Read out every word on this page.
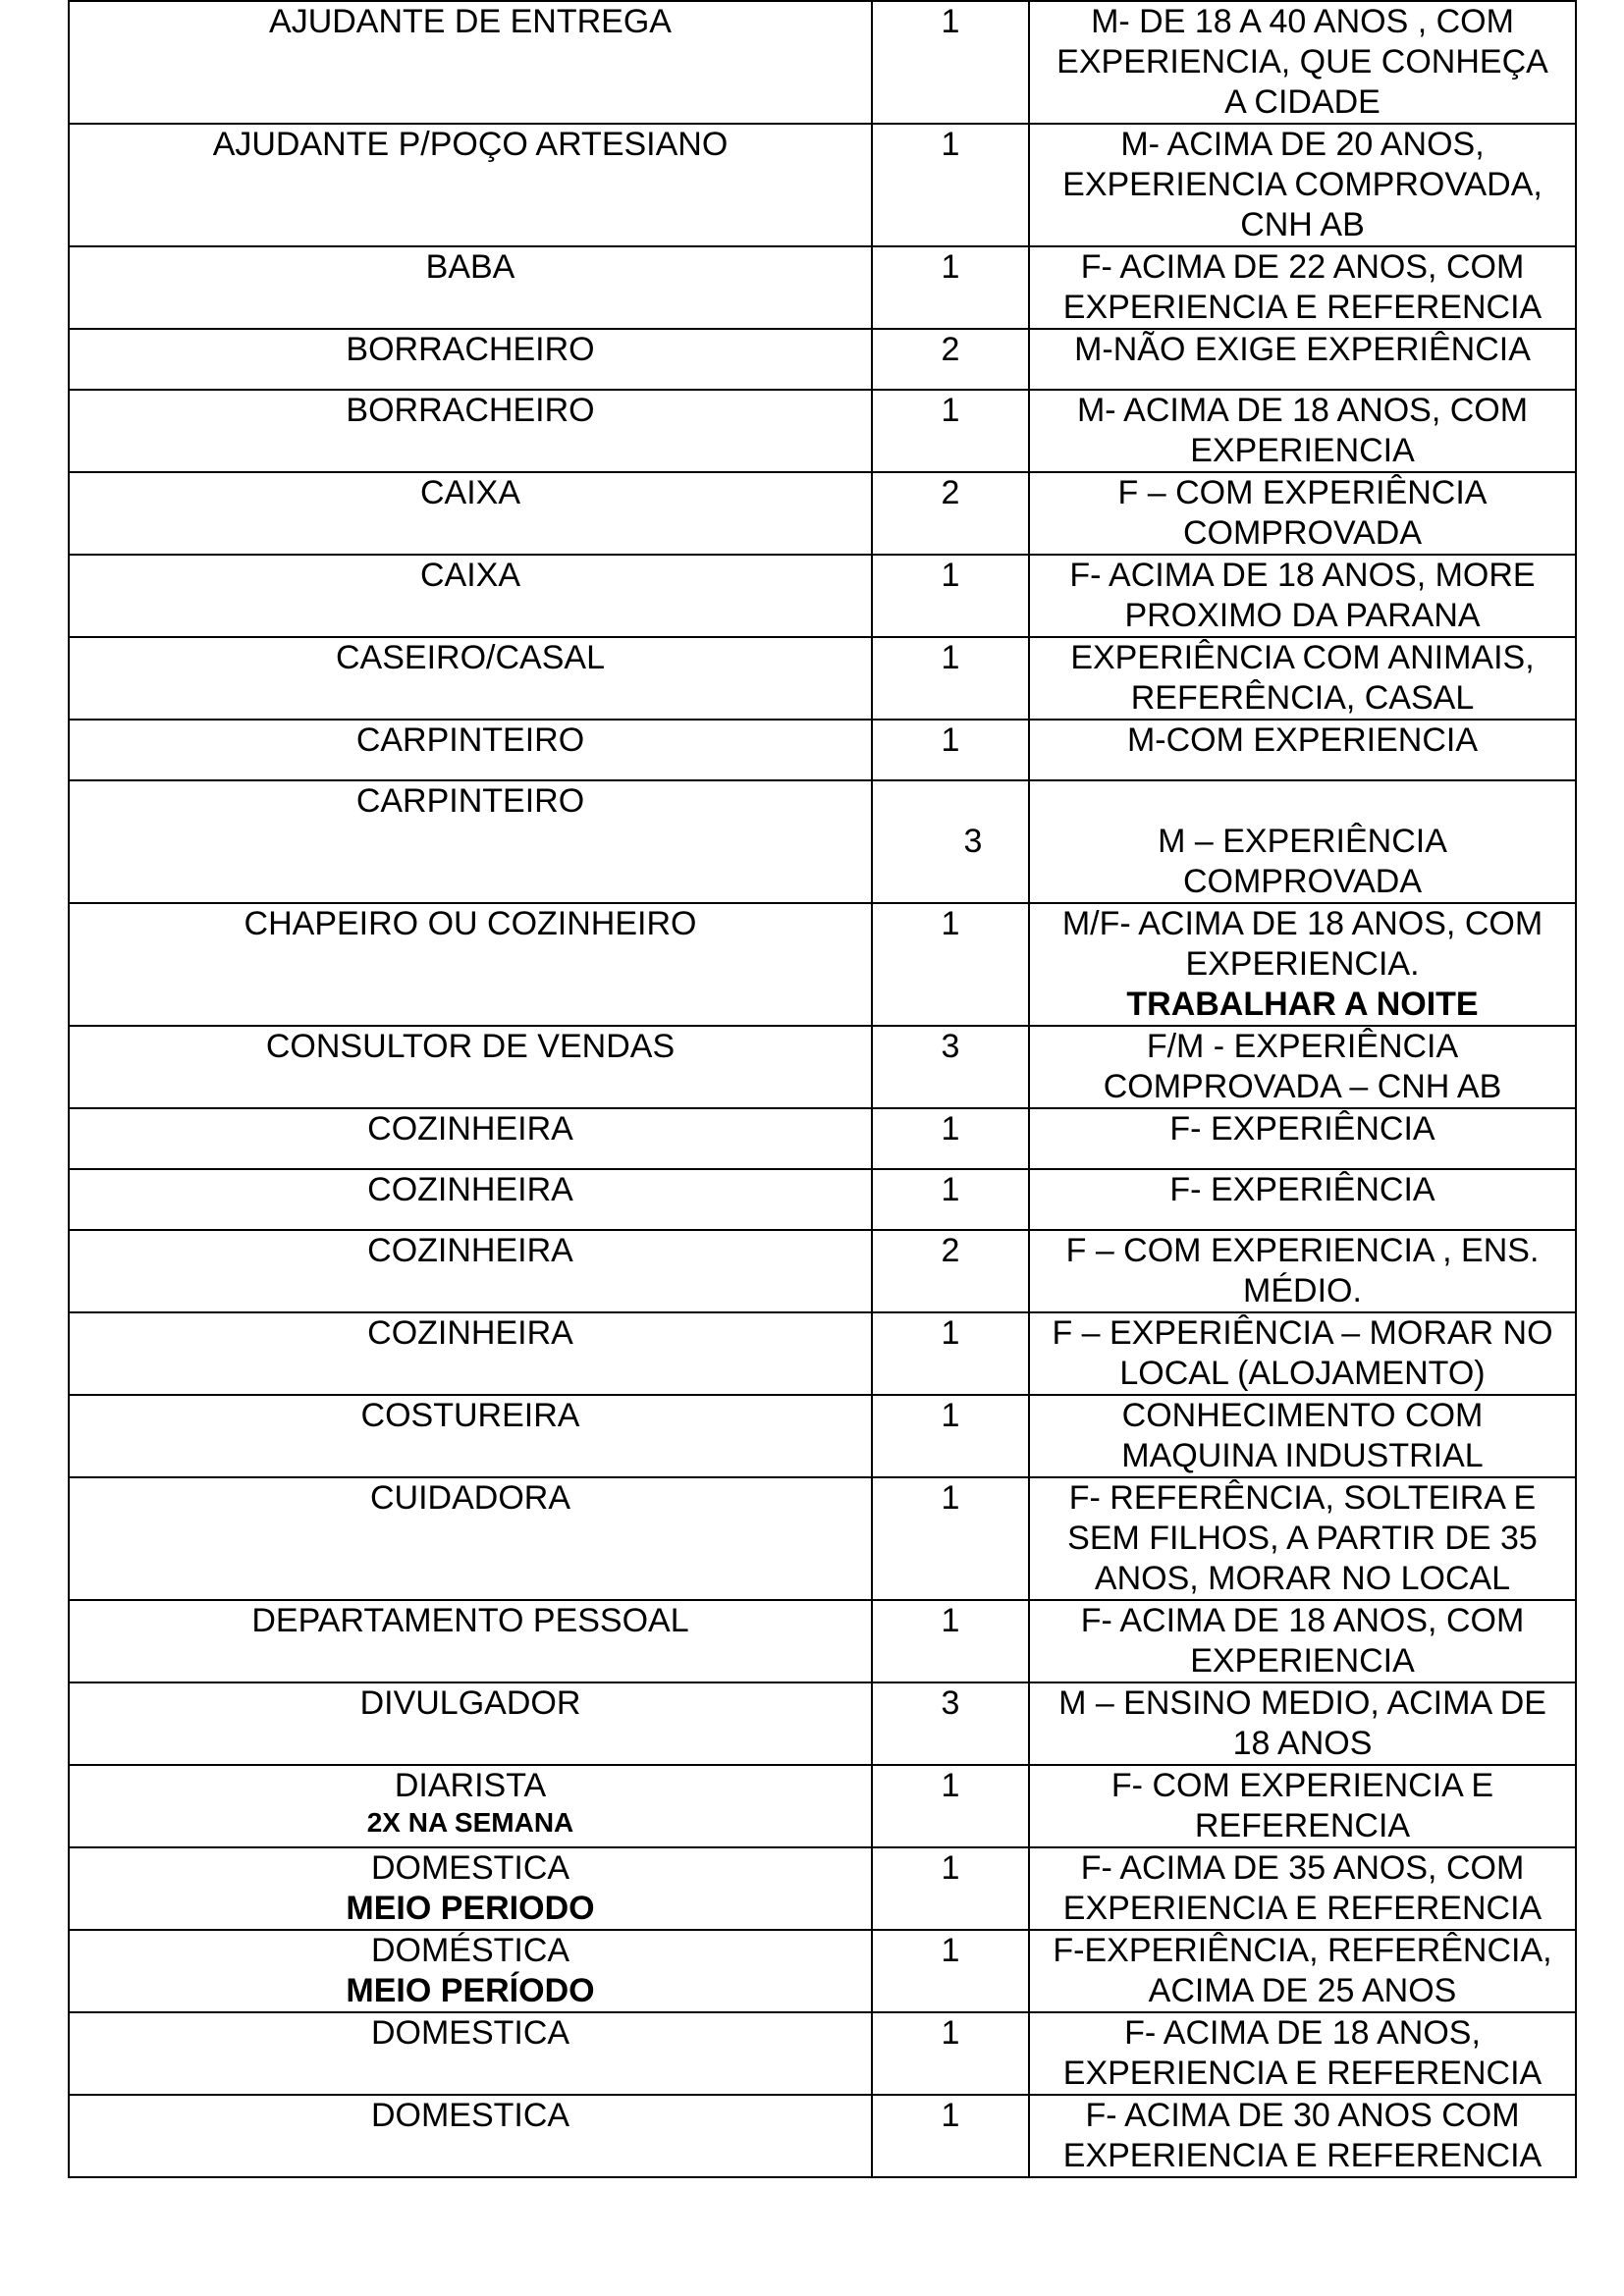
AJUDANTE DE ENTREGA	1	M- DE 18 A 40 ANOS , COM
EXPERIENCIA, QUE CONHEÇA
A CIDADE

AJUDANTE P/POÇO ARTESIANO	1	M- ACIMA DE 20 ANOS,
EXPERIENCIA COMPROVADA,
CNH AB

BABA	1	F- ACIMA DE 22 ANOS, COM
EXPERIENCIA E REFERENCIA

BORRACHEIRO	2	M-NÃO EXIGE EXPERIÊNCIA

BORRACHEIRO	1	M- ACIMA DE 18 ANOS, COM
EXPERIENCIA

CAIXA	2	F – COM EXPERIÊNCIA
COMPROVADA

CAIXA	1	F- ACIMA DE 18 ANOS, MORE
PROXIMO DA PARANA

CASEIRO/CASAL	1	EXPERIÊNCIA COM ANIMAIS,
REFERÊNCIA, CASAL

CARPINTEIRO	1	M-COM EXPERIENCIA

CARPINTEIRO	3	M – EXPERIÊNCIA
COMPROVADA

CHAPEIRO OU COZINHEIRO	1	M/F- ACIMA DE 18 ANOS, COM
EXPERIENCIA.
TRABALHAR A NOITE

CONSULTOR DE VENDAS	3	F/M - EXPERIÊNCIA
COMPROVADA – CNH AB

COZINHEIRA	1	F- EXPERIÊNCIA

COZINHEIRA	1	F- EXPERIÊNCIA

COZINHEIRA	2	F – COM EXPERIENCIA , ENS.
MÉDIO.

COZINHEIRA	1	F – EXPERIÊNCIA – MORAR NO
LOCAL (ALOJAMENTO)

COSTUREIRA	1	CONHECIMENTO COM
MAQUINA INDUSTRIAL

CUIDADORA	1	F- REFERÊNCIA, SOLTEIRA E
SEM FILHOS, A PARTIR DE 35
ANOS, MORAR NO LOCAL

DEPARTAMENTO PESSOAL	1	F- ACIMA DE 18 ANOS, COM
EXPERIENCIA

DIVULGADOR	3	M – ENSINO MEDIO, ACIMA DE
18 ANOS

DIARISTA
2X NA SEMANA	1	F- COM EXPERIENCIA E
REFERENCIA

DOMESTICA
MEIO PERIODO	1	F- ACIMA DE 35 ANOS, COM
EXPERIENCIA E REFERENCIA

DOMÉSTICA
MEIO PERÍODO	1	F-EXPERIÊNCIA, REFERÊNCIA,
ACIMA DE 25 ANOS

DOMESTICA	1	F- ACIMA DE 18 ANOS,
EXPERIENCIA E REFERENCIA

DOMESTICA	1	F- ACIMA DE 30 ANOS COM
EXPERIENCIA E REFERENCIA
